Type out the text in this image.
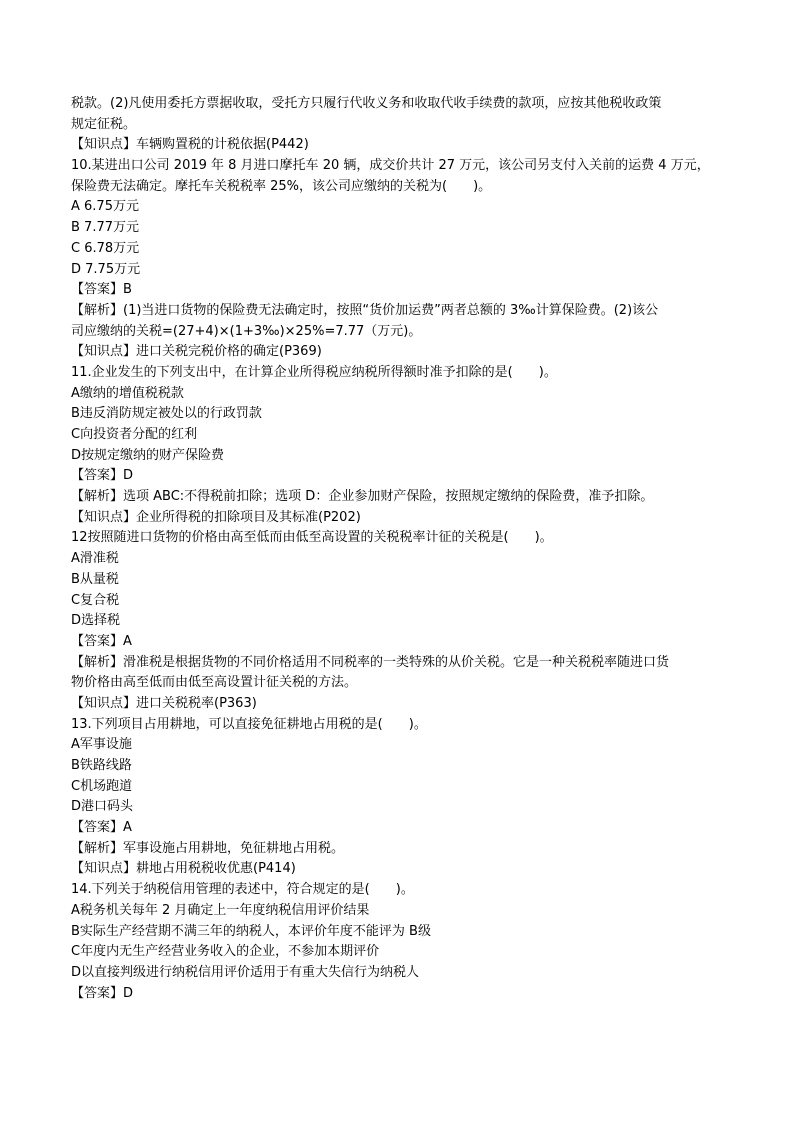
税款。(2)凡使用委托方票据收取，受托方只履行代收义务和收取代收手续费的款项，应按其他税收政策
规定征税。
【知识点】车辆购置税的计税依据(P442)
10.某进出口公司 2019 年 8 月进口摩托车 20 辆，成交价共计 27 万元，该公司另支付入关前的运费 4 万元，
保险费无法确定。摩托车关税税率 25%，该公司应缴纳的关税为(　　)。
A 6.75万元
B 7.77万元
C 6.78万元
D 7.75万元
【答案】B
【解析】(1)当进口货物的保险费无法确定时，按照“货价加运费”两者总额的 3‰计算保险费。(2)该公
司应缴纳的关税=(27+4)×(1+3‰)×25%=7.77（万元)。
【知识点】进口关税完税价格的确定(P369)
11.企业发生的下列支出中，在计算企业所得税应纳税所得额时准予扣除的是(　　)。
A缴纳的增值税税款
B违反消防规定被处以的行政罚款
C向投资者分配的红利
D按规定缴纳的财产保险费
【答案】D
【解析】选项 ABC:不得税前扣除；选项 D：企业参加财产保险，按照规定缴纳的保险费，准予扣除。
【知识点】企业所得税的扣除项目及其标准(P202)
12按照随进口货物的价格由高至低而由低至高设置的关税税率计征的关税是(　　)。
A滑准税
B从量税
C复合税
D选择税
【答案】A
【解析】滑准税是根据货物的不同价格适用不同税率的一类特殊的从价关税。它是一种关税税率随进口货
物价格由高至低而由低至高设置计征关税的方法。
【知识点】进口关税税率(P363)
13.下列项目占用耕地，可以直接免征耕地占用税的是(　　)。
A军事设施
B铁路线路
C机场跑道
D港口码头
【答案】A
【解析】军事设施占用耕地，免征耕地占用税。
【知识点】耕地占用税税收优惠(P414)
14.下列关于纳税信用管理的表述中，符合规定的是(　　)。
A税务机关每年 2 月确定上一年度纳税信用评价结果
B实际生产经营期不满三年的纳税人，本评价年度不能评为 B级
C年度内无生产经营业务收入的企业，不参加本期评价
D以直接判级进行纳税信用评价适用于有重大失信行为纳税人
【答案】D
